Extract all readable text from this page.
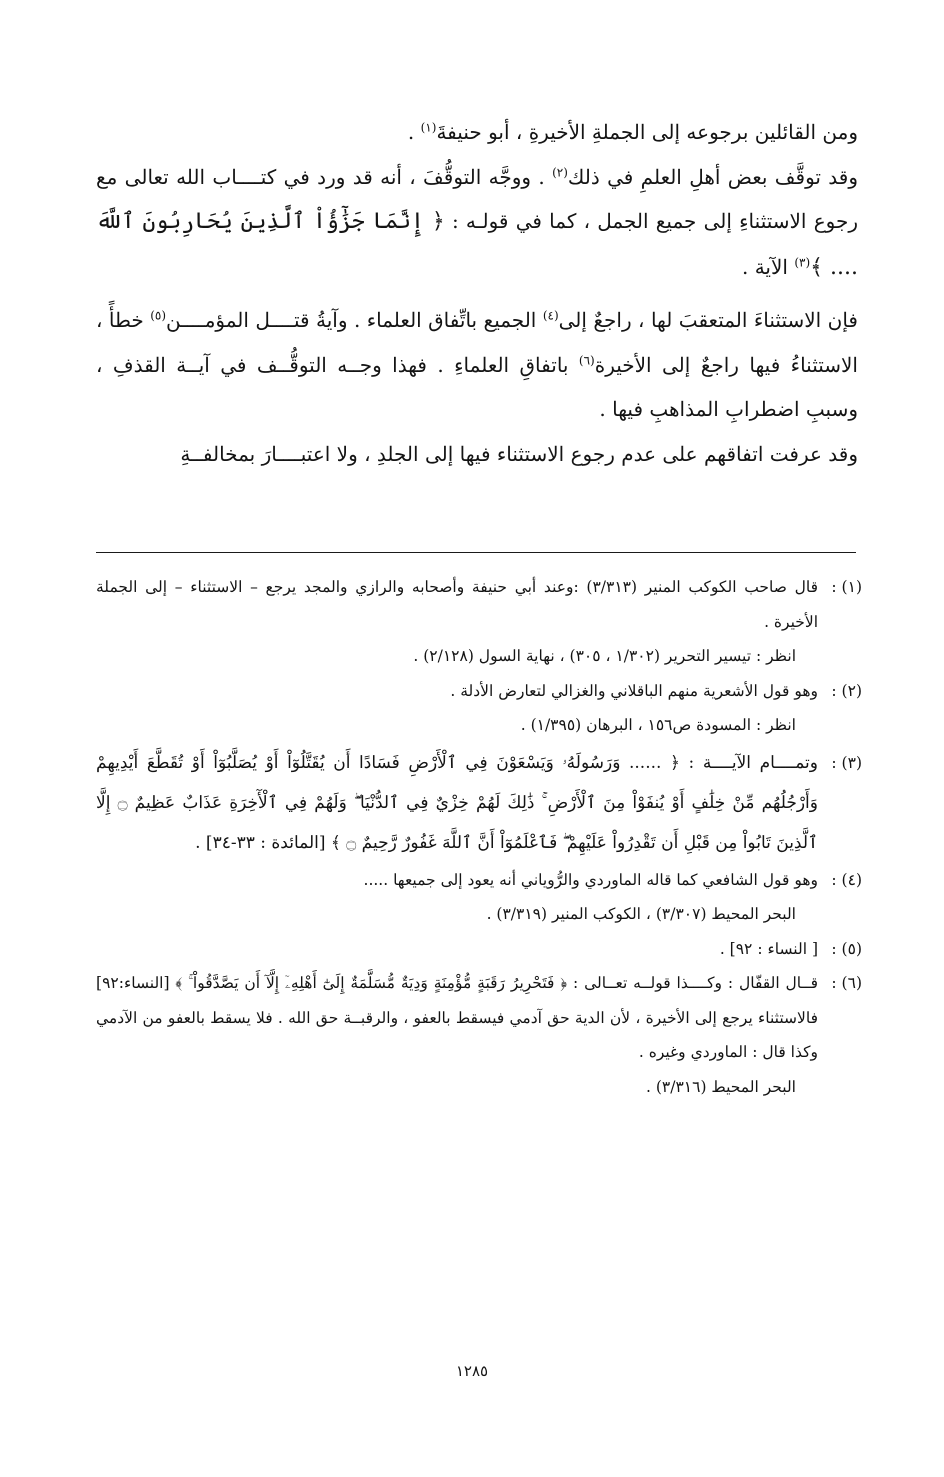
ومن القائلين برجوعه إلى الجملةِ الأخيرةِ ، أبو حنيفةَ$^{(١)}$ .

وقد توقَّف بعض أهلِ العلمِ في ذلك$^{(٢)}$ . ووجَّه التوقُّفَ ، أنه قد ورد في كتــــاب الله تعالى مع رجوع الاستثناءِ إلى جميع الجمل ، كما في قولـه : ﴿ إِنَّمَا جَزَٰٓؤُاْ ٱلَّذِينَ يُحَارِبُونَ ٱللَّهَ .... ﴾$^{(٣)}$ الآية .

فإن الاستثناءَ المتعقبَ لها ، راجعٌ إلى$^{(٤)}$ الجميع باتِّفاق العلماء . وآيةُ قتــــل المؤمــــن$^{(٥)}$ خطأً ، الاستثناءُ فيها راجعٌ إلى الأخيرة$^{(٦)}$ باتفاقِ العلماءِ . فهذا وجــه التوقُّــف في آيــة القذفِ ، وسببِ اضطرابِ المذاهبِ فيها .

وقد عرفت اتفاقهم على عدم رجوع الاستثناء فيها إلى الجلدِ ، ولا اعتبــــارَ بمخالفــةِ

(١) :

قال صاحب الكوكب المنير (٣/٣١٣) :وعند أبي حنيفة وأصحابه والرازي والمجد يرجع – الاستثناء – إلى الجملة الأخيرة .

انظر : تيسير التحرير (١/٣٠٢ ، ٣٠٥) ، نهاية السول (٢/١٢٨) .

(٢) :

وهو قول الأشعرية منهم الباقلاني والغزالي لتعارض الأدلة .

انظر : المسودة ص١٥٦ ، البرهان (١/٣٩٥) .

(٣) :

وتمــــام الآيــــة : ﴿ ...... وَرَسُولَهُۥ وَيَسْعَوْنَ فِي ٱلْأَرْضِ فَسَادًا أَن يُقَتَّلُوٓاْ أَوْ يُصَلَّبُوٓاْ أَوْ تُقَطَّعَ أَيْدِيهِمْ وَأَرْجُلُهُم مِّنْ خِلَٰفٍ أَوْ يُنفَوْاْ مِنَ ٱلْأَرْضِ ۚ ذَٰلِكَ لَهُمْ خِزْيٌ فِي ٱلدُّنْيَا ۖ وَلَهُمْ فِي ٱلْأٓخِرَةِ عَذَابٌ عَظِيمٌ ۝ إِلَّا ٱلَّذِينَ تَابُواْ مِن قَبْلِ أَن تَقْدِرُواْ عَلَيْهِمْ ۖ فَٱعْلَمُوٓاْ أَنَّ ٱللَّهَ غَفُورٌ رَّحِيمٌ ۝ ﴾ [المائدة : ٣٣-٣٤] .

(٤) :

وهو قول الشافعي كما قاله الماوردي والرُّوياني أنه يعود إلى جميعها .....

البحر المحيط (٣/٣٠٧) ، الكوكب المنير (٣/٣١٩) .

(٥) :

[ النساء : ٩٢] .

(٦) :

قــال القفّال : وكــــذا قولــه تعــالى : ﴿ فَتَحْرِيرُ رَقَبَةٍ مُّؤْمِنَةٍ وَدِيَةٌ مُّسَلَّمَةٌ إِلَىٰٓ أَهْلِهِۦٓ إِلَّآ أَن يَصَّدَّقُواْ ۚ ﴾ [النساء:٩٢] فالاستثناء يرجع إلى الأخيرة ، لأن الدية حق آدمي فيسقط بالعفو ، والرقبــة حق الله . فلا يسقط بالعفو من الآدمي وكذا قال : الماوردي وغيره .

البحر المحيط (٣/٣١٦) .

١٢٨٥
